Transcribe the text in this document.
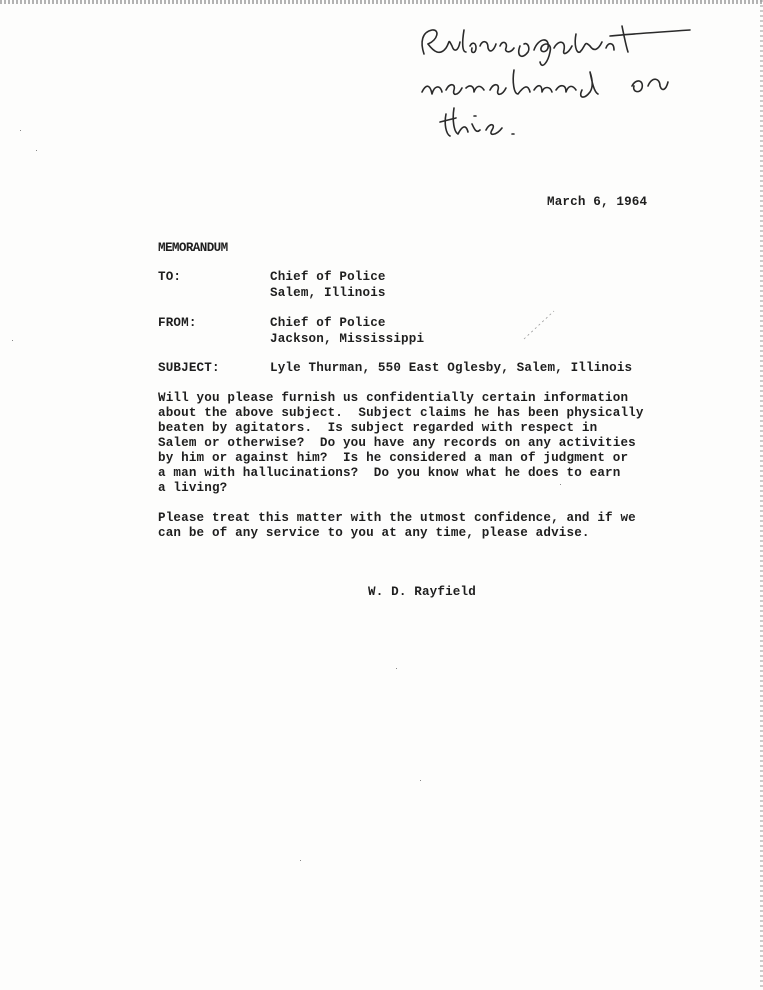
March 6, 1964
MEMORANDUM
TO:	Chief of Police
Salem, Illinois
FROM:	Chief of Police
Jackson, Mississippi
SUBJECT:	Lyle Thurman, 550 East Oglesby, Salem, Illinois
Will you please furnish us confidentially certain information
about the above subject.  Subject claims he has been physically
beaten by agitators.  Is subject regarded with respect in
Salem or otherwise?  Do you have any records on any activities
by him or against him?  Is he considered a man of judgment or
a man with hallucinations?  Do you know what he does to earn
a living?
Please treat this matter with the utmost confidence, and if we
can be of any service to you at any time, please advise.
W. D. Rayfield
